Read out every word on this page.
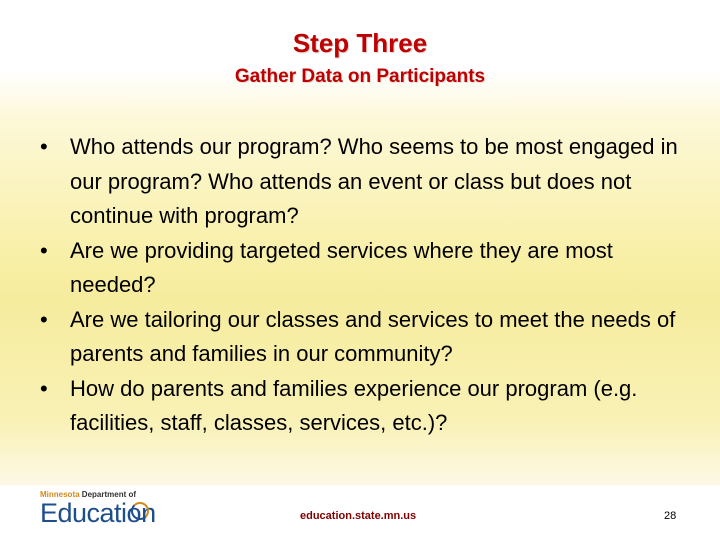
Step Three
Gather Data on Participants
• Who attends our program? Who seems to be most engaged in our program? Who attends an event or class but does not continue with program?
• Are we providing targeted services where they are most needed?
• Are we tailoring our classes and services to meet the needs of parents and families in our community?
• How do parents and families experience our program (e.g. facilities, staff, classes, services, etc.)?
Minnesota Department of
Education	education.state.mn.us	28
